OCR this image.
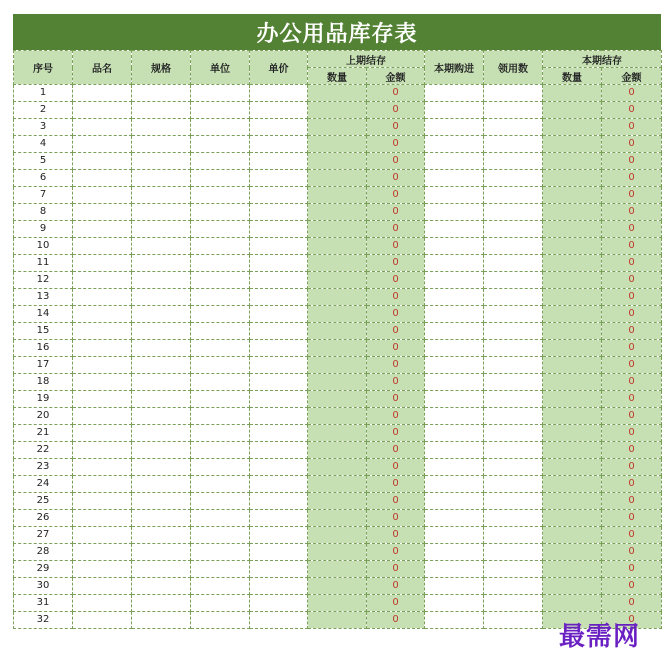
办公用品库存表
序号	品名	规格	单位	单价	上期结存		本期购进	领用数	本期结存	
					数量	金额			数量	金额
1						0				0
2						0				0
3						0				0
4						0				0
5						0				0
6						0				0
7						0				0
8						0				0
9						0				0
10						0				0
11						0				0
12						0				0
13						0				0
14						0				0
15						0				0
16						0				0
17						0				0
18						0				0
19						0				0
20						0				0
21						0				0
22						0				0
23						0				0
24						0				0
25						0				0
26						0				0
27						0				0
28						0				0
29						0				0
30						0				0
31						0				0
32						0				0
最需网
